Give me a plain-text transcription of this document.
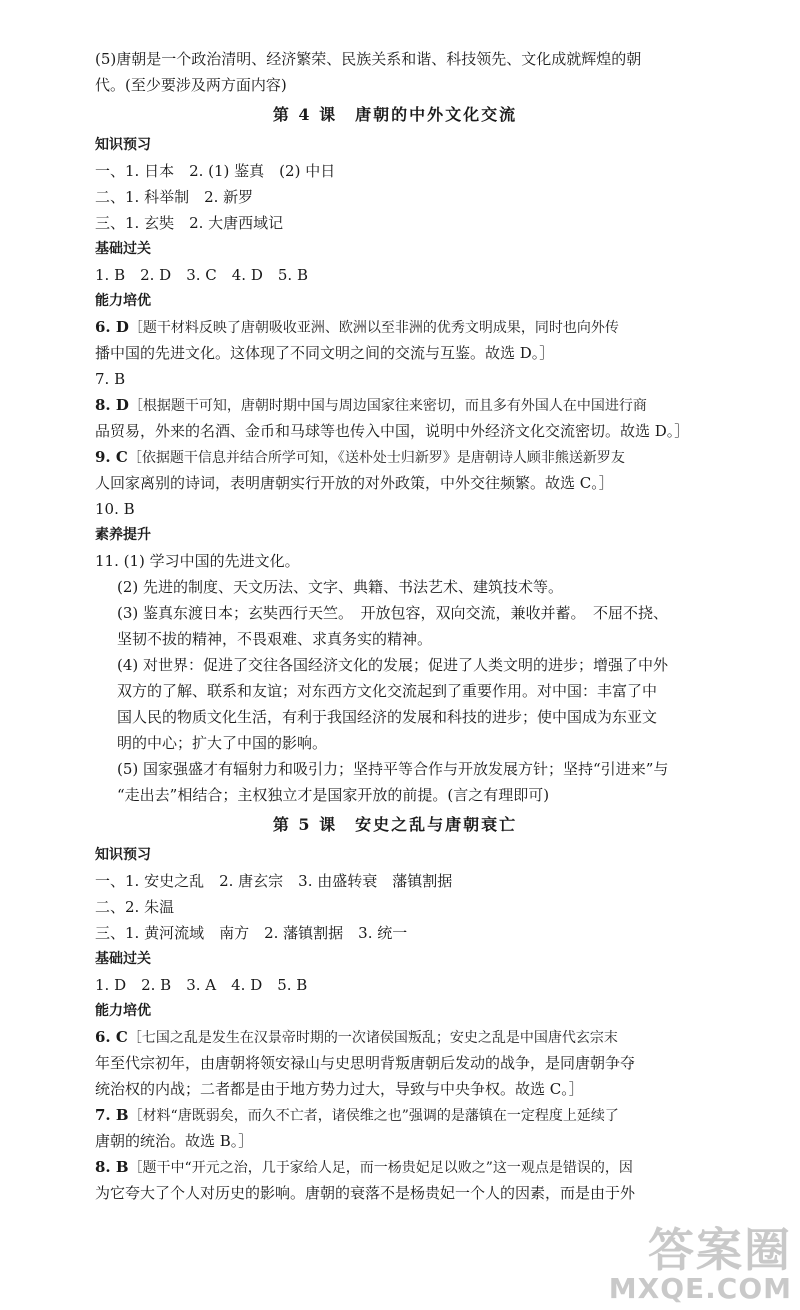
(5)唐朝是一个政治清明、经济繁荣、民族关系和谐、科技领先、文化成就辉煌的朝
代。(至少要涉及两方面内容)
第 4 课　唐朝的中外文化交流
知识预习
一、1. 日本　2. (1) 鉴真　(2) 中日
二、1. 科举制　2. 新罗
三、1. 玄奘　2. 大唐西域记
基础过关
1. B　2. D　3. C　4. D　5. B
能力培优
6. D［题干材料反映了唐朝吸收亚洲、欧洲以至非洲的优秀文明成果，同时也向外传
播中国的先进文化。这体现了不同文明之间的交流与互鉴。故选 D。］
7. B
8. D［根据题干可知，唐朝时期中国与周边国家往来密切，而且多有外国人在中国进行商
品贸易，外来的名酒、金币和马球等也传入中国，说明中外经济文化交流密切。故选 D。］
9. C［依据题干信息并结合所学可知，《送朴处士归新罗》是唐朝诗人顾非熊送新罗友
人回家离别的诗词，表明唐朝实行开放的对外政策，中外交往频繁。故选 C。］
10. B
素养提升
11. (1) 学习中国的先进文化。
(2) 先进的制度、天文历法、文字、典籍、书法艺术、建筑技术等。
(3) 鉴真东渡日本；玄奘西行天竺。　开放包容，双向交流，兼收并蓄。　不屈不挠、
坚韧不拔的精神，不畏艰难、求真务实的精神。
(4) 对世界：促进了交往各国经济文化的发展；促进了人类文明的进步；增强了中外
双方的了解、联系和友谊；对东西方文化交流起到了重要作用。对中国：丰富了中
国人民的物质文化生活，有利于我国经济的发展和科技的进步；使中国成为东亚文
明的中心；扩大了中国的影响。
(5) 国家强盛才有辐射力和吸引力；坚持平等合作与开放发展方针；坚持“引进来”与
“走出去”相结合；主权独立才是国家开放的前提。(言之有理即可)
第 5 课　安史之乱与唐朝衰亡
知识预习
一、1. 安史之乱　2. 唐玄宗　3. 由盛转衰　藩镇割据
二、2. 朱温
三、1. 黄河流域　南方　2. 藩镇割据　3. 统一
基础过关
1. D　2. B　3. A　4. D　5. B
能力培优
6. C［七国之乱是发生在汉景帝时期的一次诸侯国叛乱；安史之乱是中国唐代玄宗末
年至代宗初年，由唐朝将领安禄山与史思明背叛唐朝后发动的战争，是同唐朝争夺
统治权的内战；二者都是由于地方势力过大，导致与中央争权。故选 C。］
7. B［材料“唐既弱矣，而久不亡者，诸侯维之也”强调的是藩镇在一定程度上延续了
唐朝的统治。故选 B。］
8. B［题干中“开元之治，几于家给人足，而一杨贵妃足以败之”这一观点是错误的，因
为它夸大了个人对历史的影响。唐朝的衰落不是杨贵妃一个人的因素，而是由于外
答案圈
MXQE.COM
